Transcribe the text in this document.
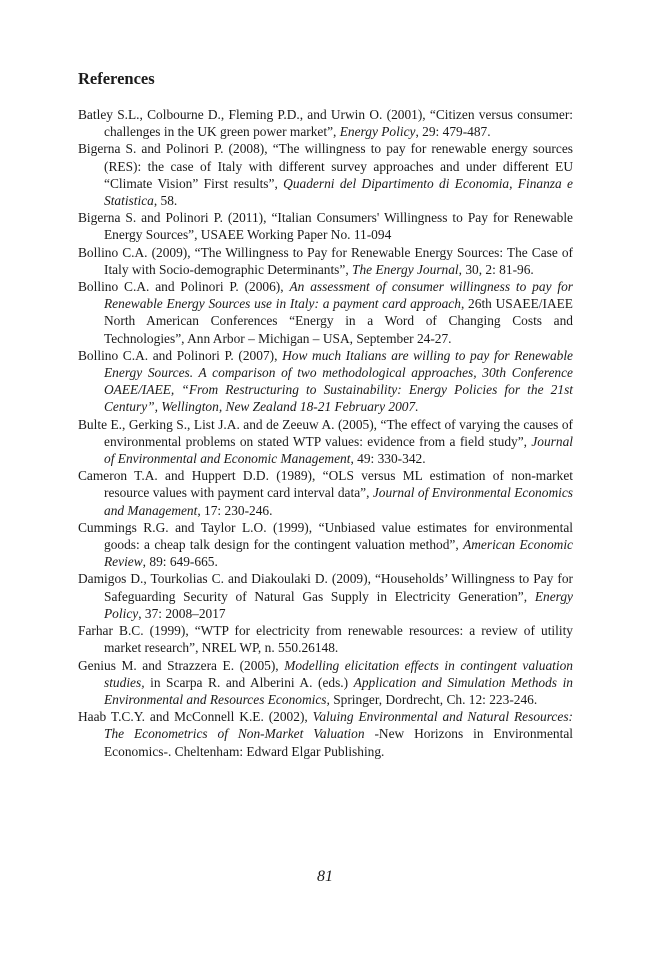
References
Batley S.L., Colbourne D., Fleming P.D., and Urwin O. (2001), “Citizen versus consumer: challenges in the UK green power market”, Energy Policy, 29: 479-487.
Bigerna S. and Polinori P. (2008), “The willingness to pay for renewable energy sources (RES): the case of Italy with different survey approaches and under different EU “Climate Vision” First results”, Quaderni del Dipartimento di Economia, Finanza e Statistica, 58.
Bigerna S. and Polinori P. (2011), “Italian Consumers' Willingness to Pay for Renewable Energy Sources”, USAEE Working Paper No. 11-094
Bollino C.A. (2009), “The Willingness to Pay for Renewable Energy Sources: The Case of Italy with Socio-demographic Determinants”, The Energy Journal, 30, 2: 81-96.
Bollino C.A. and Polinori P. (2006), An assessment of consumer willingness to pay for Renewable Energy Sources use in Italy: a payment card approach, 26th USAEE/IAEE North American Conferences “Energy in a Word of Changing Costs and Technologies”, Ann Arbor – Michigan – USA, September 24-27.
Bollino C.A. and Polinori P. (2007), How much Italians are willing to pay for Renewable Energy Sources. A comparison of two methodological approaches, 30th Conference OAEE/IAEE, “From Restructuring to Sustainability: Energy Policies for the 21st Century”, Wellington, New Zealand 18-21 February 2007.
Bulte E., Gerking S., List J.A. and de Zeeuw A. (2005), “The effect of varying the causes of environmental problems on stated WTP values: evidence from a field study”, Journal of Environmental and Economic Management, 49: 330-342.
Cameron T.A. and Huppert D.D. (1989), “OLS versus ML estimation of non-market resource values with payment card interval data”, Journal of Environmental Economics and Management, 17: 230-246.
Cummings R.G. and Taylor L.O. (1999), “Unbiased value estimates for environmental goods: a cheap talk design for the contingent valuation method”, American Economic Review, 89: 649-665.
Damigos D., Tourkolias C. and Diakoulaki D. (2009), “Households’ Willingness to Pay for Safeguarding Security of Natural Gas Supply in Electricity Generation”, Energy Policy, 37: 2008–2017
Farhar B.C. (1999), “WTP for electricity from renewable resources: a review of utility market research”, NREL WP, n. 550.26148.
Genius M. and Strazzera E. (2005), Modelling elicitation effects in contingent valuation studies, in Scarpa R. and Alberini A. (eds.) Application and Simulation Methods in Environmental and Resources Economics, Springer, Dordrecht, Ch. 12: 223-246.
Haab T.C.Y. and McConnell K.E. (2002), Valuing Environmental and Natural Resources: The Econometrics of Non-Market Valuation -New Horizons in Environmental Economics-. Cheltenham: Edward Elgar Publishing.
81
